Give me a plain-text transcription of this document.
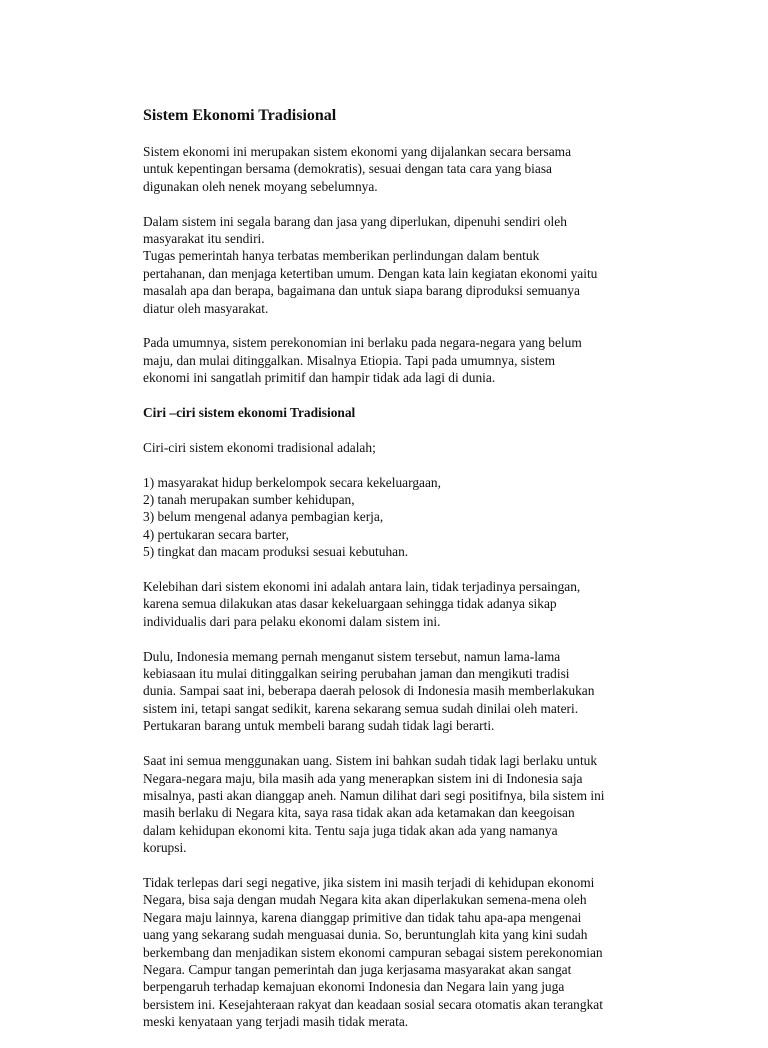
Sistem Ekonomi Tradisional
Sistem ekonomi ini merupakan sistem ekonomi yang dijalankan secara bersama
untuk kepentingan bersama (demokratis), sesuai dengan tata cara yang biasa
digunakan oleh nenek moyang sebelumnya.
Dalam sistem ini segala barang dan jasa yang diperlukan, dipenuhi sendiri oleh
masyarakat itu sendiri.
Tugas pemerintah hanya terbatas memberikan perlindungan dalam bentuk
pertahanan, dan menjaga ketertiban umum. Dengan kata lain kegiatan ekonomi yaitu
masalah apa dan berapa, bagaimana dan untuk siapa barang diproduksi semuanya
diatur oleh masyarakat.
Pada umumnya, sistem perekonomian ini berlaku pada negara-negara yang belum
maju, dan mulai ditinggalkan. Misalnya Etiopia. Tapi pada umumnya, sistem
ekonomi ini sangatlah primitif dan hampir tidak ada lagi di dunia.
Ciri –ciri sistem ekonomi Tradisional
Ciri-ciri sistem ekonomi tradisional adalah;
1) masyarakat hidup berkelompok secara kekeluargaan,
2) tanah merupakan sumber kehidupan,
3) belum mengenal adanya pembagian kerja,
4) pertukaran secara barter,
5) tingkat dan macam produksi sesuai kebutuhan.
Kelebihan dari sistem ekonomi ini adalah antara lain, tidak terjadinya persaingan,
karena semua dilakukan atas dasar kekeluargaan sehingga tidak adanya sikap
individualis dari para pelaku ekonomi dalam sistem ini.
Dulu, Indonesia memang pernah menganut sistem tersebut, namun lama-lama
kebiasaan itu mulai ditinggalkan seiring perubahan jaman dan mengikuti tradisi
dunia. Sampai saat ini, beberapa daerah pelosok di Indonesia masih memberlakukan
sistem ini, tetapi sangat sedikit, karena sekarang semua sudah dinilai oleh materi.
Pertukaran barang untuk membeli barang sudah tidak lagi berarti.
Saat ini semua menggunakan uang. Sistem ini bahkan sudah tidak lagi berlaku untuk
Negara-negara maju, bila masih ada yang menerapkan sistem ini di Indonesia saja
misalnya, pasti akan dianggap aneh. Namun dilihat dari segi positifnya, bila sistem ini
masih berlaku di Negara kita, saya rasa tidak akan ada ketamakan dan keegoisan
dalam kehidupan ekonomi kita. Tentu saja juga tidak akan ada yang namanya
korupsi.
Tidak terlepas dari segi negative, jika sistem ini masih terjadi di kehidupan ekonomi
Negara, bisa saja dengan mudah Negara kita akan diperlakukan semena-mena oleh
Negara maju lainnya, karena dianggap primitive dan tidak tahu apa-apa mengenai
uang yang sekarang sudah menguasai dunia. So, beruntunglah kita yang kini sudah
berkembang dan menjadikan sistem ekonomi campuran sebagai sistem perekonomian
Negara. Campur tangan pemerintah dan juga kerjasama masyarakat akan sangat
berpengaruh terhadap kemajuan ekonomi Indonesia dan Negara lain yang juga
bersistem ini. Kesejahteraan rakyat dan keadaan sosial secara otomatis akan terangkat
meski kenyataan yang terjadi masih tidak merata.
